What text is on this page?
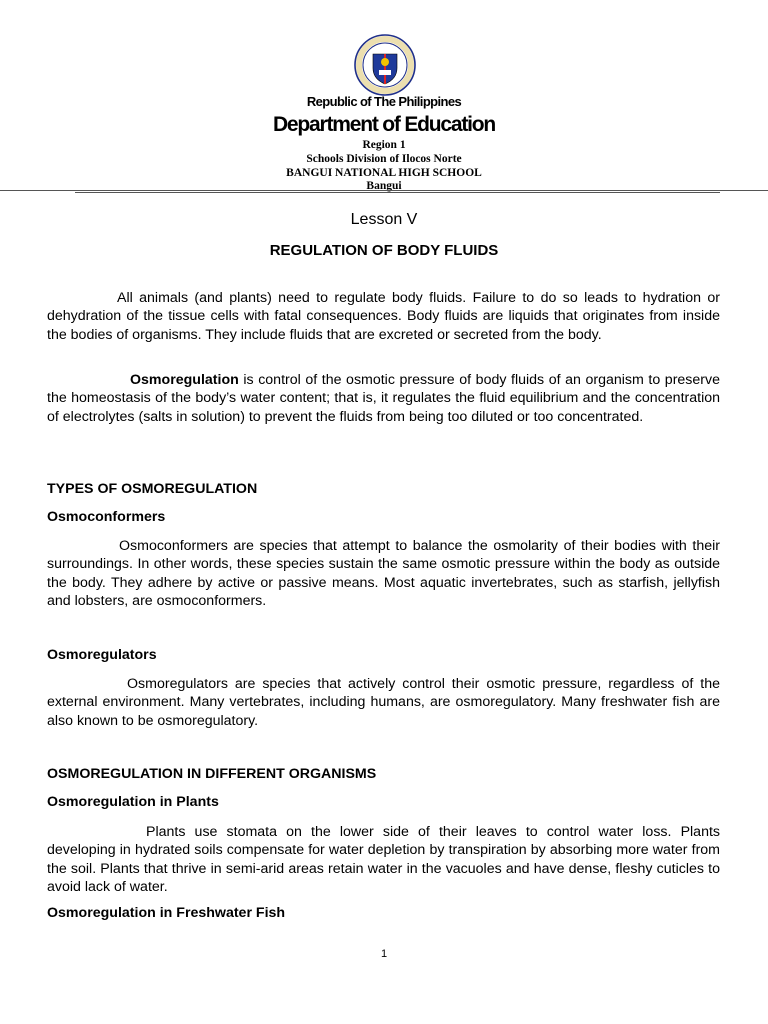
Republic of The Philippines
Department of Education
Region 1
Schools Division of Ilocos Norte
BANGUI NATIONAL HIGH SCHOOL
Bangui
Lesson V
REGULATION OF BODY FLUIDS

All animals (and plants) need to regulate body fluids. Failure to do so leads to hydration or dehydration of the tissue cells with fatal consequences. Body fluids are liquids that originates from inside the bodies of organisms. They include fluids that are excreted or secreted from the body.

Osmoregulation is control of the osmotic pressure of body fluids of an organism to preserve the homeostasis of the body’s water content; that is, it regulates the fluid equilibrium and the concentration of electrolytes (salts in solution) to prevent the fluids from being too diluted or too concentrated.

TYPES OF OSMOREGULATION
Osmoconformers

Osmoconformers are species that attempt to balance the osmolarity of their bodies with their surroundings. In other words, these species sustain the same osmotic pressure within the body as outside the body. They adhere by active or passive means. Most aquatic invertebrates, such as starfish, jellyfish and lobsters, are osmoconformers.

Osmoregulators

Osmoregulators are species that actively control their osmotic pressure, regardless of the external environment. Many vertebrates, including humans, are osmoregulatory. Many freshwater fish are also known to be osmoregulatory.

OSMOREGULATION IN DIFFERENT ORGANISMS
Osmoregulation in Plants

Plants use stomata on the lower side of their leaves to control water loss. Plants developing in hydrated soils compensate for water depletion by transpiration by absorbing more water from the soil. Plants that thrive in semi-arid areas retain water in the vacuoles and have dense, fleshy cuticles to avoid lack of water.

Osmoregulation in Freshwater Fish
1
